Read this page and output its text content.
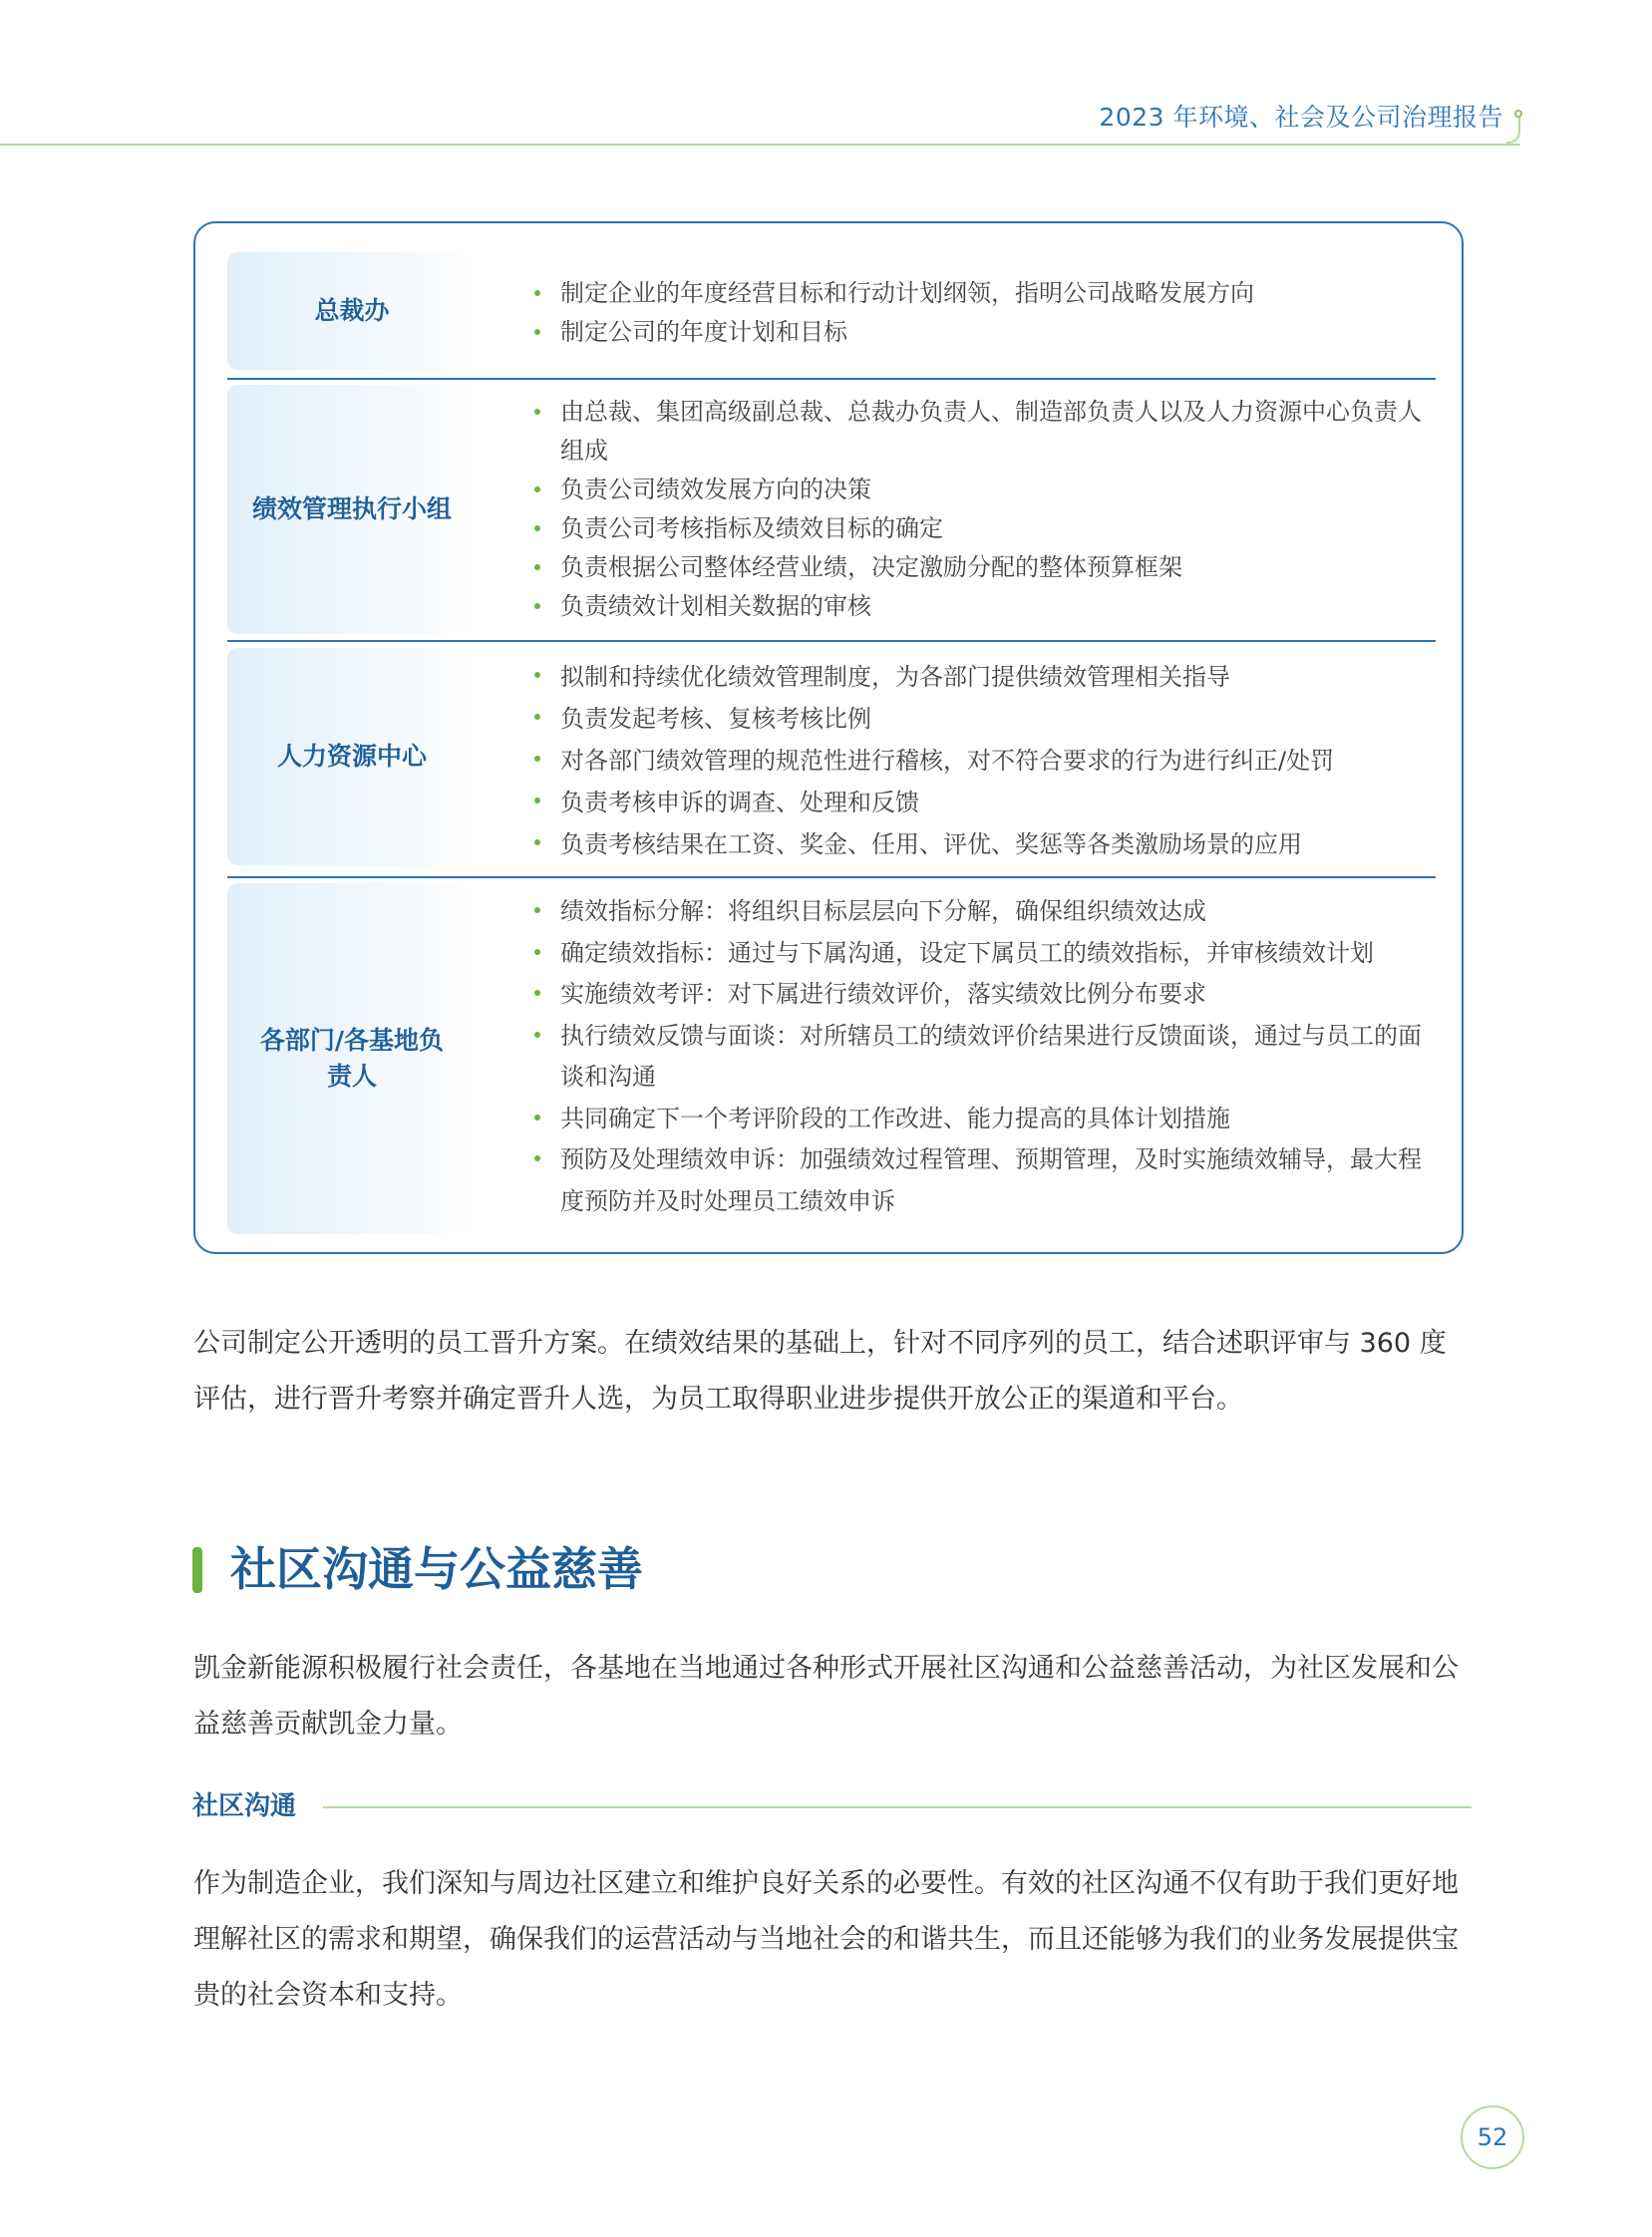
2023 年环境、社会及公司治理报告
总裁办
制定企业的年度经营目标和行动计划纲领，指明公司战略发展方向
制定公司的年度计划和目标
绩效管理执行小组
由总裁、集团高级副总裁、总裁办负责人、制造部负责人以及人力资源中心负责人组成
负责公司绩效发展方向的决策
负责公司考核指标及绩效目标的确定
负责根据公司整体经营业绩，决定激励分配的整体预算框架
负责绩效计划相关数据的审核
人力资源中心
拟制和持续优化绩效管理制度，为各部门提供绩效管理相关指导
负责发起考核、复核考核比例
对各部门绩效管理的规范性进行稽核，对不符合要求的行为进行纠正/处罚
负责考核申诉的调查、处理和反馈
负责考核结果在工资、奖金、任用、评优、奖惩等各类激励场景的应用
各部门/各基地负责人
绩效指标分解：将组织目标层层向下分解，确保组织绩效达成
确定绩效指标：通过与下属沟通，设定下属员工的绩效指标，并审核绩效计划
实施绩效考评：对下属进行绩效评价，落实绩效比例分布要求
执行绩效反馈与面谈：对所辖员工的绩效评价结果进行反馈面谈，通过与员工的面谈和沟通
共同确定下一个考评阶段的工作改进、能力提高的具体计划措施
预防及处理绩效申诉：加强绩效过程管理、预期管理，及时实施绩效辅导，最大程度预防并及时处理员工绩效申诉

公司制定公开透明的员工晋升方案。在绩效结果的基础上，针对不同序列的员工，结合述职评审与 360 度评估，进行晋升考察并确定晋升人选，为员工取得职业进步提供开放公正的渠道和平台。

社区沟通与公益慈善

凯金新能源积极履行社会责任，各基地在当地通过各种形式开展社区沟通和公益慈善活动，为社区发展和公益慈善贡献凯金力量。

社区沟通

作为制造企业，我们深知与周边社区建立和维护良好关系的必要性。有效的社区沟通不仅有助于我们更好地理解社区的需求和期望，确保我们的运营活动与当地社会的和谐共生，而且还能够为我们的业务发展提供宝贵的社会资本和支持。

52
